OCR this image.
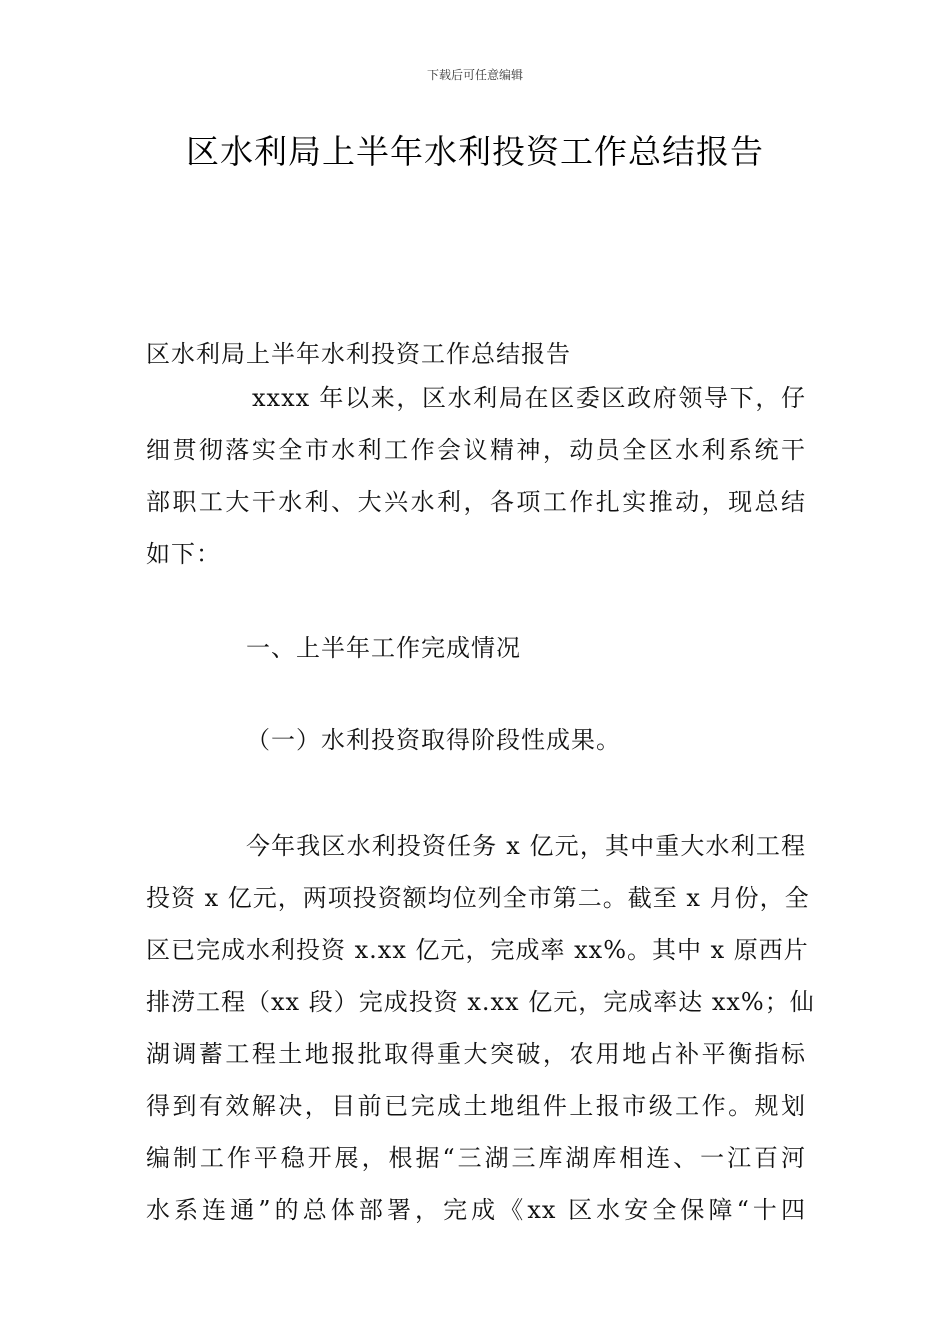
下载后可任意编辑
区水利局上半年水利投资工作总结报告
区水利局上半年水利投资工作总结报告
xxxx 年以来，区水利局在区委区政府领导下，仔
细贯彻落实全市水利工作会议精神，动员全区水利系统干
部职工大干水利、大兴水利，各项工作扎实推动，现总结
如下：
一、上半年工作完成情况
（一）水利投资取得阶段性成果。
今年我区水利投资任务 x 亿元，其中重大水利工程
投资 x 亿元，两项投资额均位列全市第二。截至 x 月份，全
区已完成水利投资 x.xx 亿元，完成率 xx%。其中 x 原西片
排涝工程（xx 段）完成投资 x.xx 亿元，完成率达 xx%；仙
湖调蓄工程土地报批取得重大突破，农用地占补平衡指标
得到有效解决，目前已完成土地组件上报市级工作。规划
编制工作平稳开展，根据“三湖三库湖库相连、一江百河
水系连通”的总体部署，完成《xx 区水安全保障“十四
